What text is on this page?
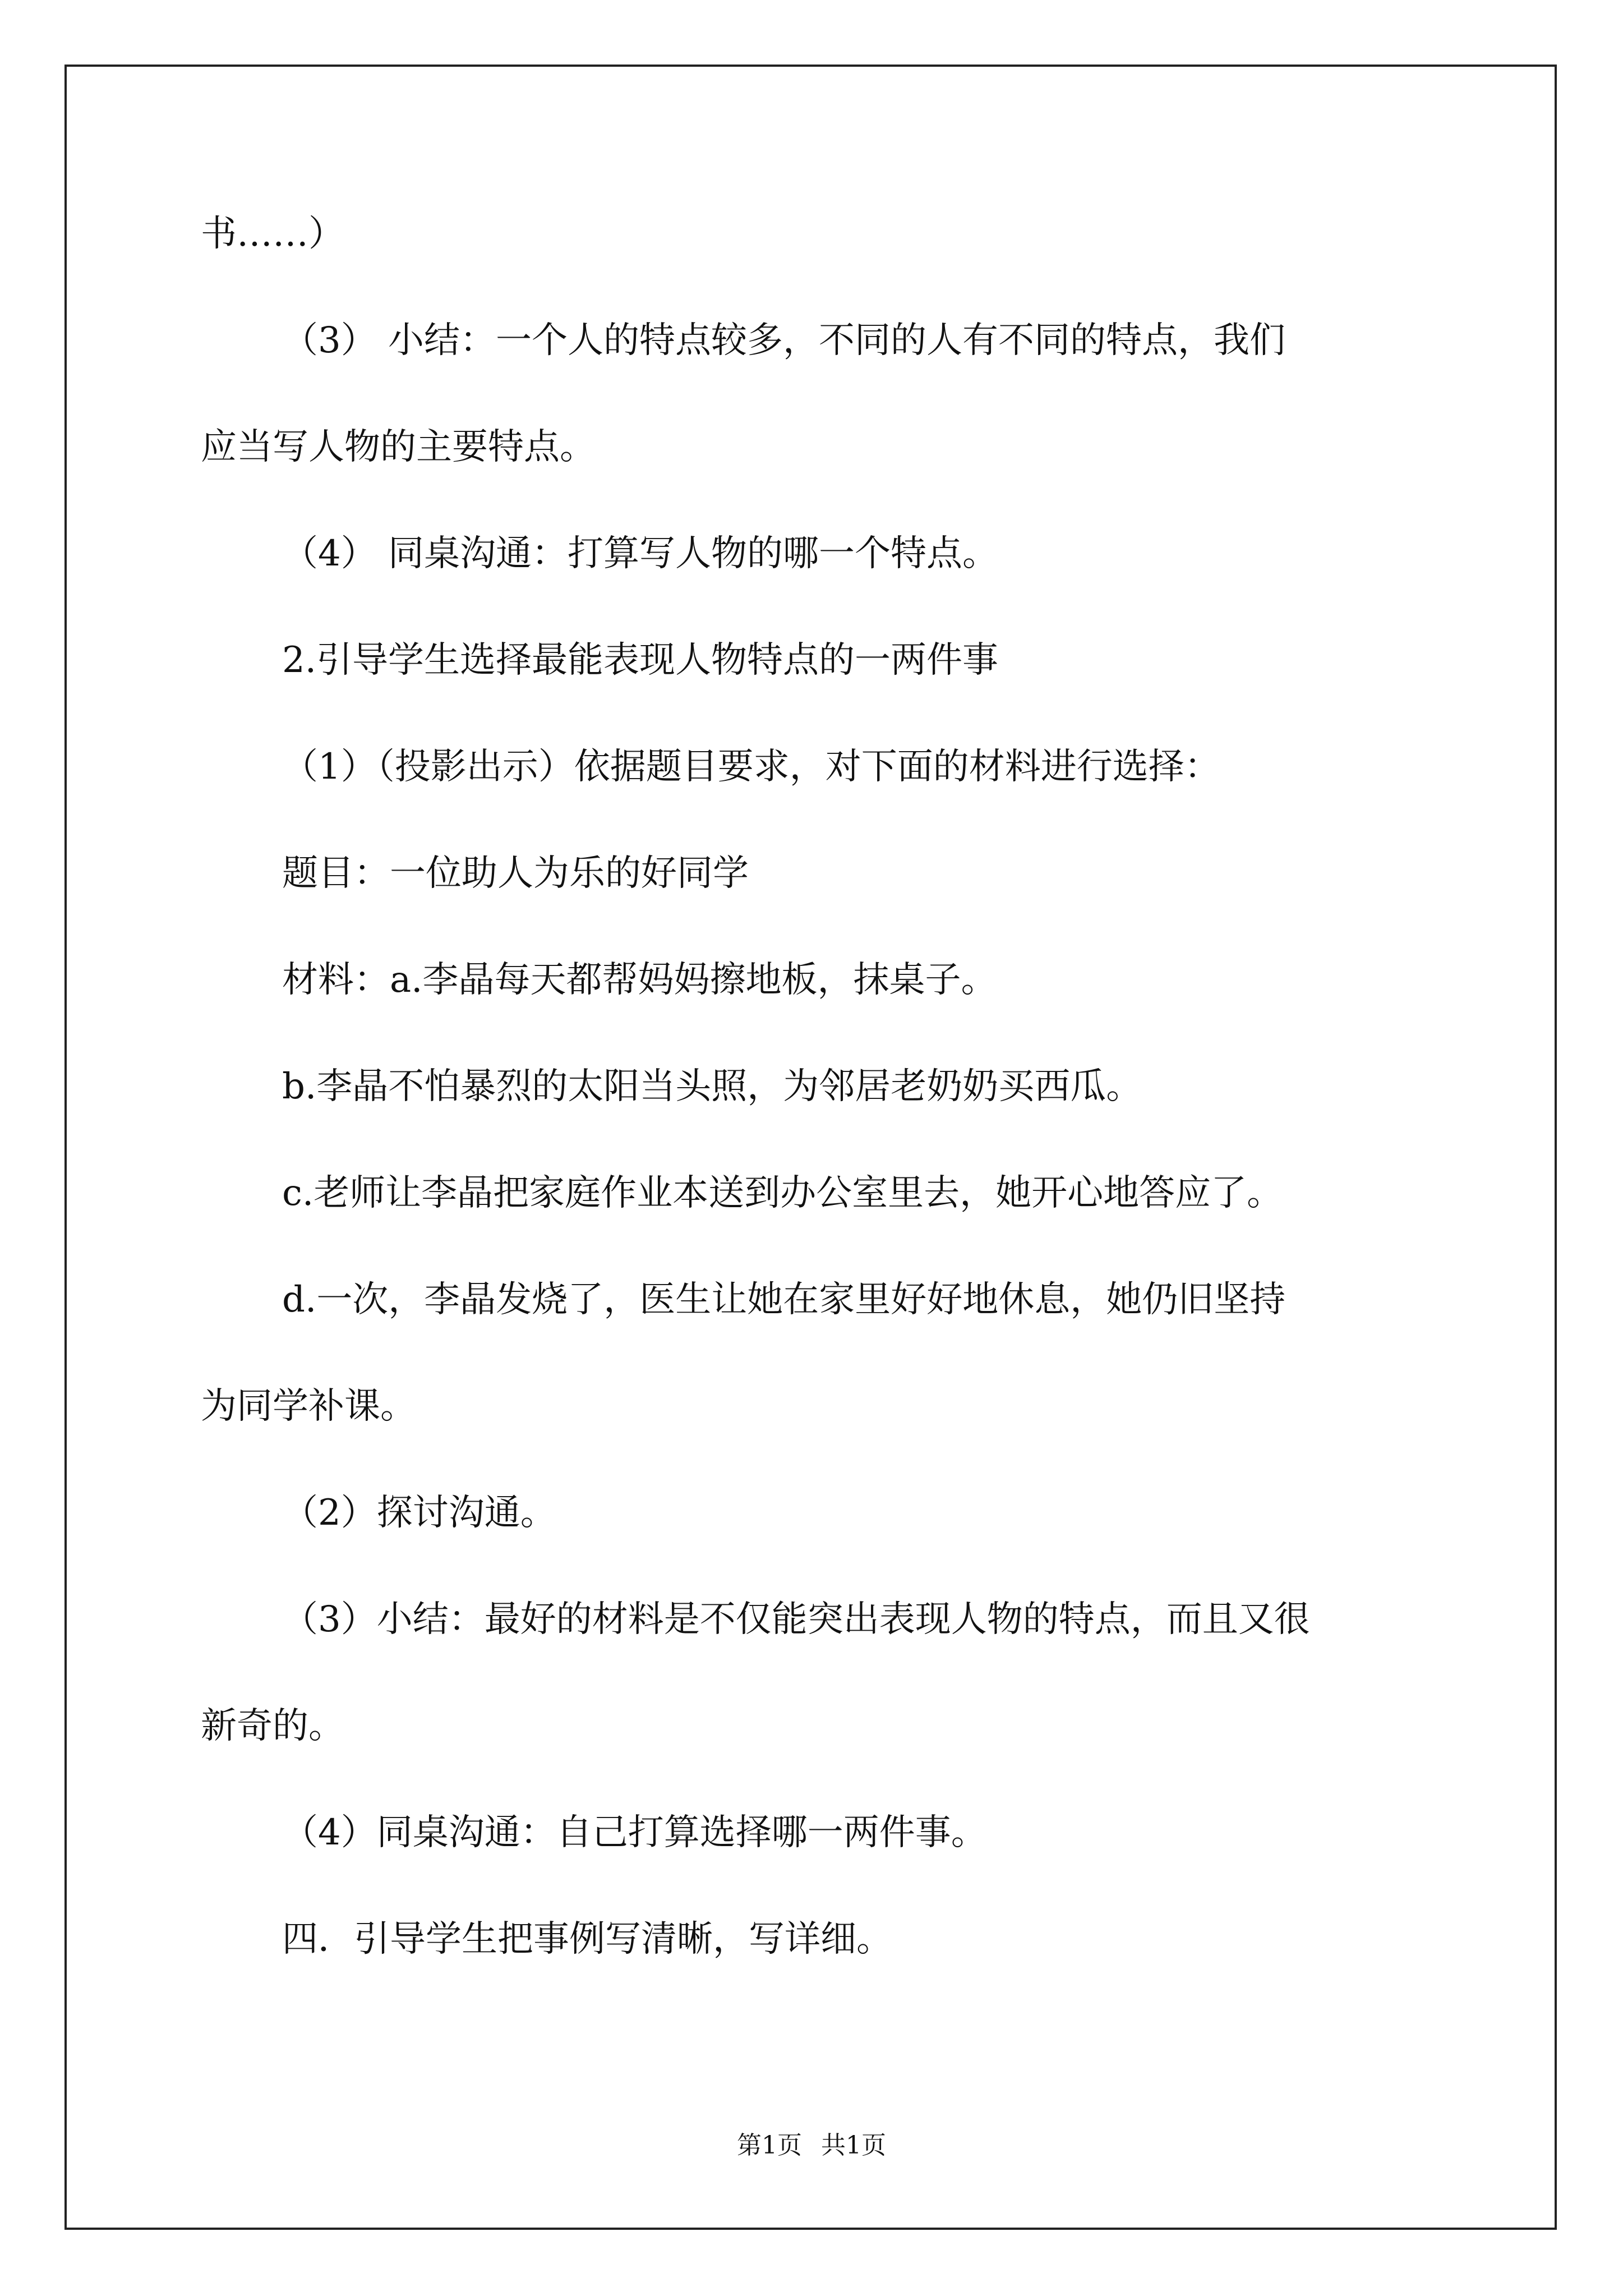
书……）

（3） 小结：一个人的特点较多，不同的人有不同的特点，我们

应当写人物的主要特点。

（4） 同桌沟通：打算写人物的哪一个特点。

2.引导学生选择最能表现人物特点的一两件事

（1）（投影出示）依据题目要求，对下面的材料进行选择：

题目：一位助人为乐的好同学

材料：a.李晶每天都帮妈妈擦地板，抹桌子。

b.李晶不怕暴烈的太阳当头照，为邻居老奶奶买西瓜。

c.老师让李晶把家庭作业本送到办公室里去，她开心地答应了。

d.一次，李晶发烧了，医生让她在家里好好地休息，她仍旧坚持

为同学补课。

（2）探讨沟通。

（3）小结：最好的材料是不仅能突出表现人物的特点，而且又很

新奇的。

（4）同桌沟通：自己打算选择哪一两件事。

四．引导学生把事例写清晰，写详细。

第1页 共1页
